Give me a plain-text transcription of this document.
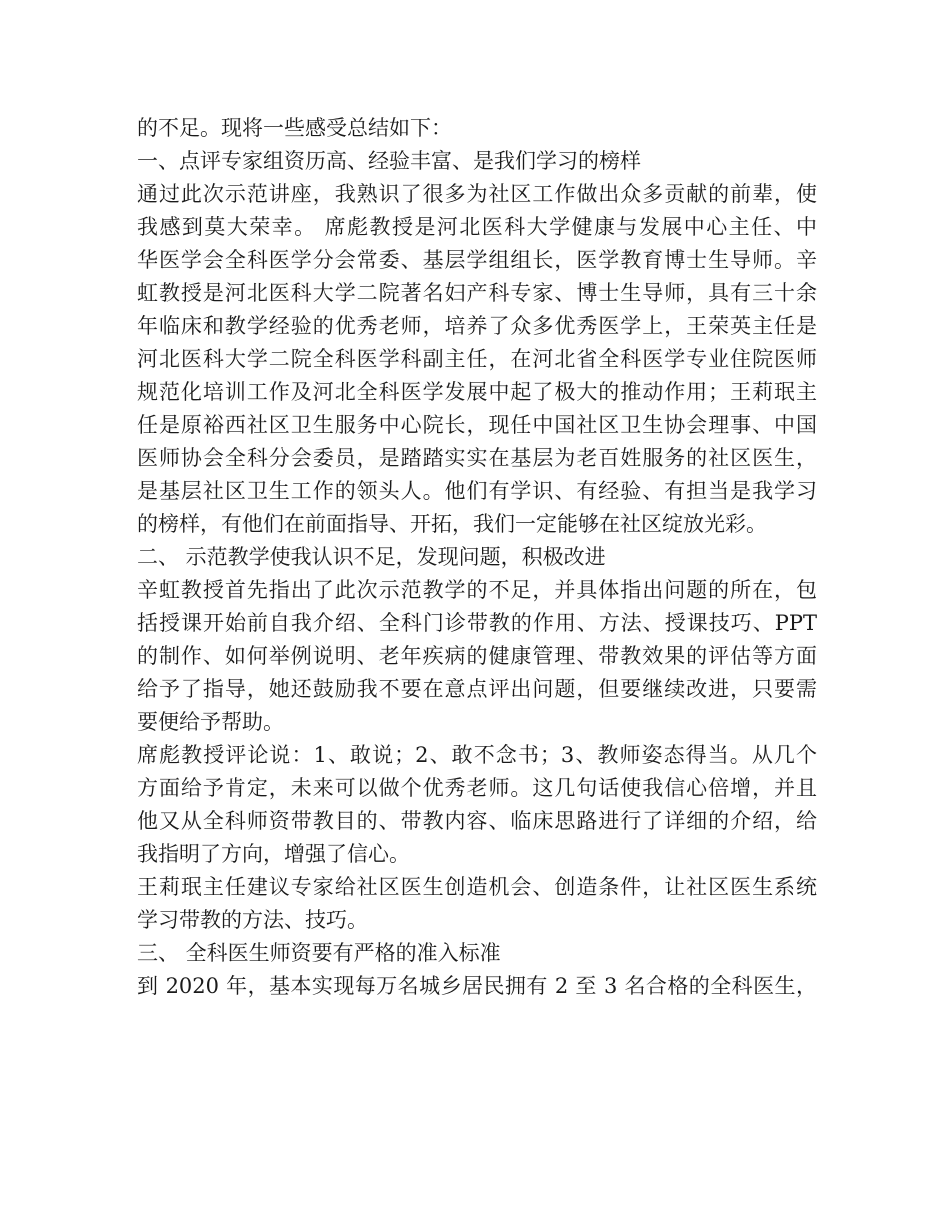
的不足。现将一些感受总结如下：
一、点评专家组资历高、经验丰富、是我们学习的榜样
通过此次示范讲座，我熟识了很多为社区工作做出众多贡献的前辈，使
我感到莫大荣幸。 席彪教授是河北医科大学健康与发展中心主任、中
华医学会全科医学分会常委、基层学组组长，医学教育博士生导师。辛
虹教授是河北医科大学二院著名妇产科专家、博士生导师，具有三十余
年临床和教学经验的优秀老师，培养了众多优秀医学上，王荣英主任是
河北医科大学二院全科医学科副主任，在河北省全科医学专业住院医师
规范化培训工作及河北全科医学发展中起了极大的推动作用；王莉珉主
任是原裕西社区卫生服务中心院长，现任中国社区卫生协会理事、中国
医师协会全科分会委员，是踏踏实实在基层为老百姓服务的社区医生，
是基层社区卫生工作的领头人。他们有学识、有经验、有担当是我学习
的榜样，有他们在前面指导、开拓，我们一定能够在社区绽放光彩。
二、 示范教学使我认识不足，发现问题，积极改进
辛虹教授首先指出了此次示范教学的不足，并具体指出问题的所在，包
括授课开始前自我介绍、全科门诊带教的作用、方法、授课技巧、PPT
的制作、如何举例说明、老年疾病的健康管理、带教效果的评估等方面
给予了指导，她还鼓励我不要在意点评出问题，但要继续改进，只要需
要便给予帮助。
席彪教授评论说：1、敢说；2、敢不念书；3、教师姿态得当。从几个
方面给予肯定，未来可以做个优秀老师。这几句话使我信心倍增，并且
他又从全科师资带教目的、带教内容、临床思路进行了详细的介绍，给
我指明了方向，增强了信心。
王莉珉主任建议专家给社区医生创造机会、创造条件，让社区医生系统
学习带教的方法、技巧。
三、 全科医生师资要有严格的准入标准
到 2020 年，基本实现每万名城乡居民拥有 2 至 3 名合格的全科医生，
